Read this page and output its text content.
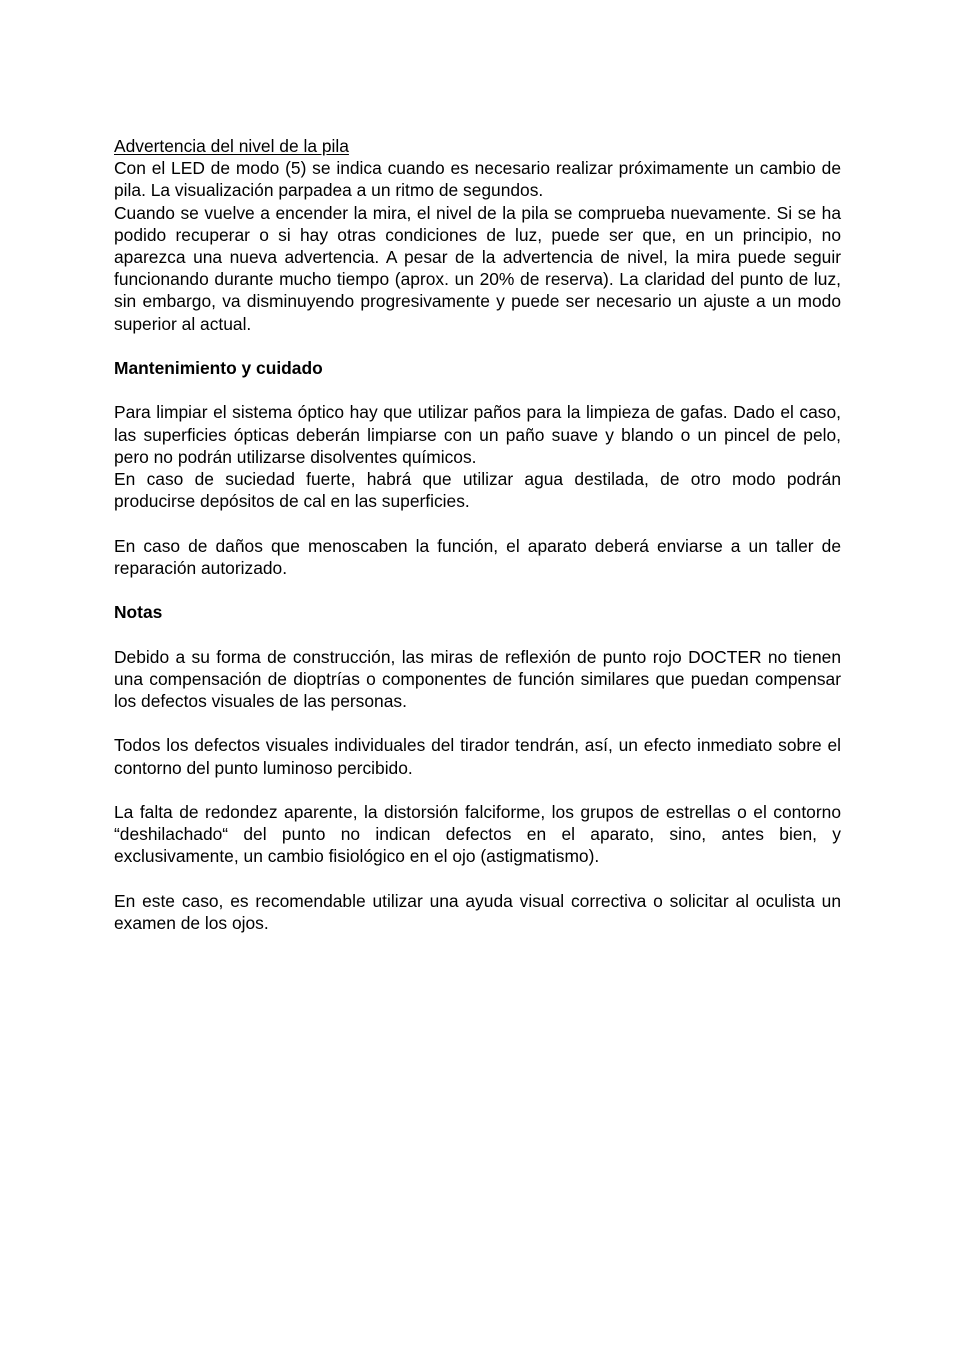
Advertencia del nivel de la pila

Con el LED de modo (5) se indica cuando es necesario realizar próximamente un cambio de pila. La visualización parpadea a un ritmo de segundos.

Cuando se vuelve a encender la mira, el nivel de la pila se comprueba nuevamente. Si se ha podido recuperar o si hay otras condiciones de luz, puede ser que, en un principio, no aparezca una nueva advertencia. A pesar de la advertencia de nivel, la mira puede seguir funcionando durante mucho tiempo (aprox. un 20% de reserva). La claridad del punto de luz, sin embargo, va disminuyendo progresivamente y puede ser necesario un ajuste a un modo superior al actual.

Mantenimiento y cuidado

Para limpiar el sistema óptico hay que utilizar paños para la limpieza de gafas. Dado el caso, las superficies ópticas deberán limpiarse con un paño suave y blando o un pincel de pelo, pero no podrán utilizarse disolventes químicos.

En caso de suciedad fuerte, habrá que utilizar agua destilada, de otro modo podrán producirse depósitos de cal en las superficies.

En caso de daños que menoscaben la función, el aparato deberá enviarse a un taller de reparación autorizado.

Notas

Debido a su forma de construcción, las miras de reflexión de punto rojo DOCTER no tienen una compensación de dioptrías o componentes de función similares que puedan compensar los defectos visuales de las personas.

Todos los defectos visuales individuales del tirador tendrán, así, un efecto inmediato sobre el contorno del punto luminoso percibido.

La falta de redondez aparente, la distorsión falciforme, los grupos de estrellas o el contorno “deshilachado“ del punto no indican defectos en el aparato, sino, antes bien, y exclusivamente, un cambio fisiológico en el ojo (astigmatismo).

En este caso, es recomendable utilizar una ayuda visual correctiva o solicitar al oculista un examen de los ojos.
